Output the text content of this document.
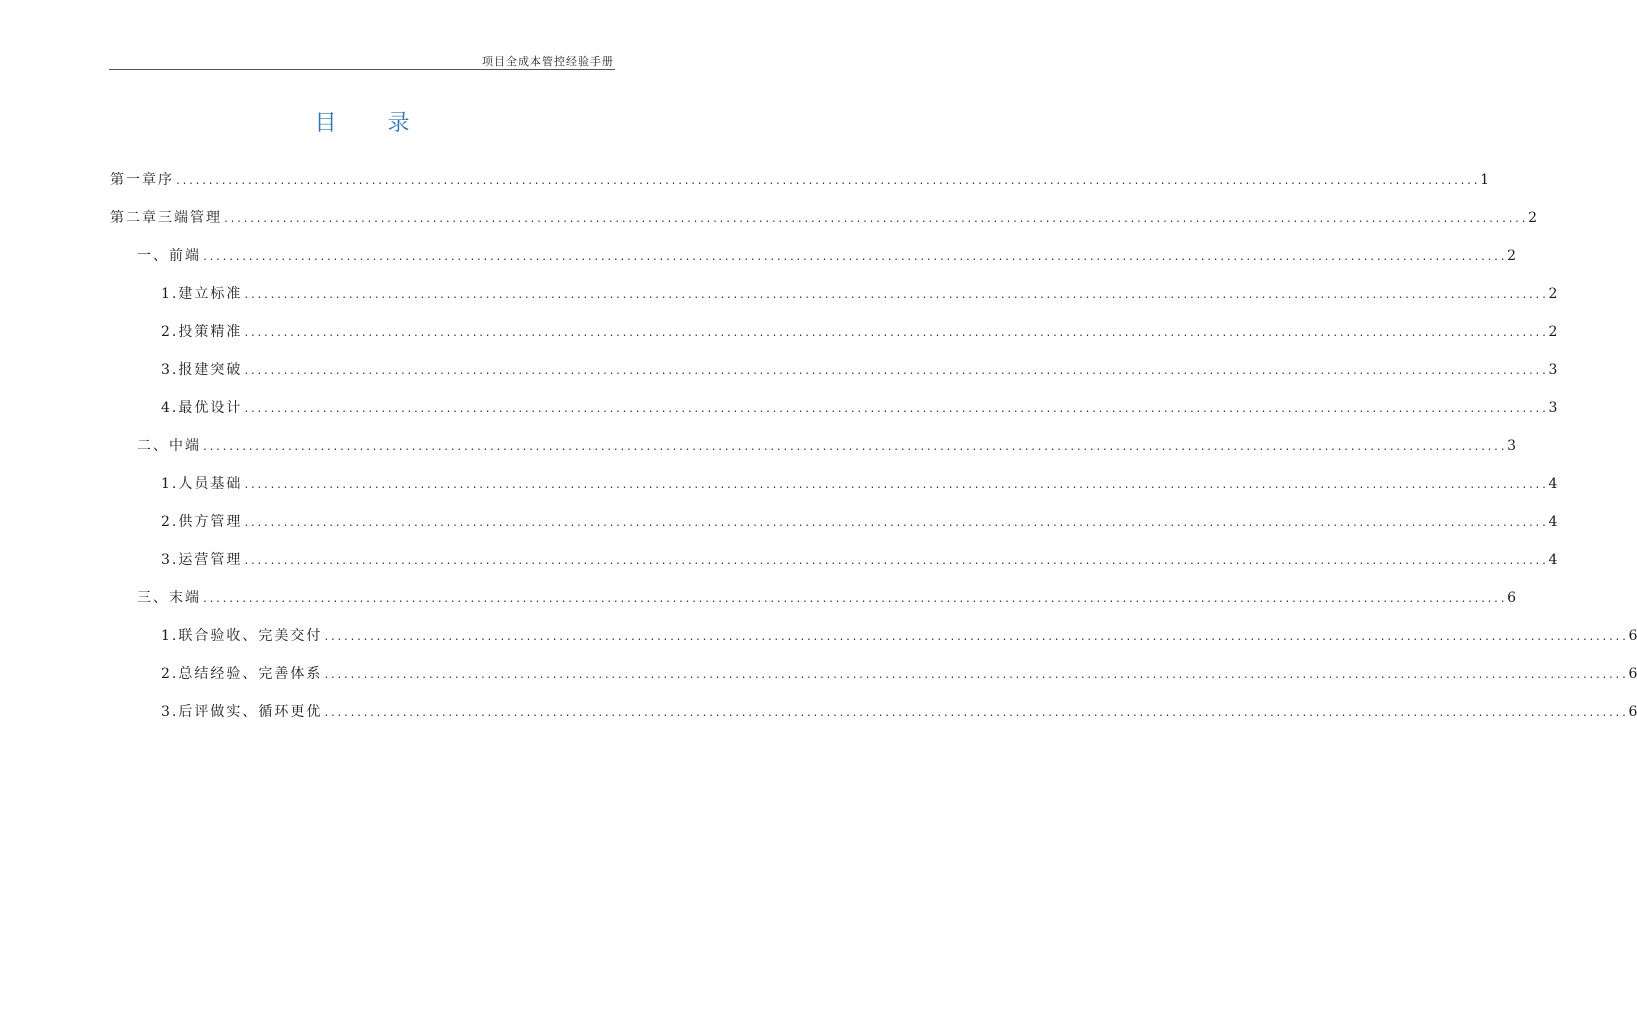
项目全成本管控经验手册
目 录
第一章 序 ........................................................................................................................................................................................................ 1
第二章 三端管理 ........................................................................................................................................................................................................ 2
一、 前端 ........................................................................................................................................................................................................ 2
1. 建立标准 ........................................................................................................................................................................................................ 2
2. 投策精准 ........................................................................................................................................................................................................ 2
3. 报建突破 ........................................................................................................................................................................................................ 3
4. 最优设计 ........................................................................................................................................................................................................ 3
二、 中端 ........................................................................................................................................................................................................ 3
1. 人员基础 ........................................................................................................................................................................................................ 4
2. 供方管理 ........................................................................................................................................................................................................ 4
3. 运营管理 ........................................................................................................................................................................................................ 4
三、 末端 ........................................................................................................................................................................................................ 6
1. 联合验收、完美交付 ........................................................................................................................................................................................................ 6
2. 总结经验、完善体系 ........................................................................................................................................................................................................ 6
3. 后评做实、循环更优 ........................................................................................................................................................................................................ 6
